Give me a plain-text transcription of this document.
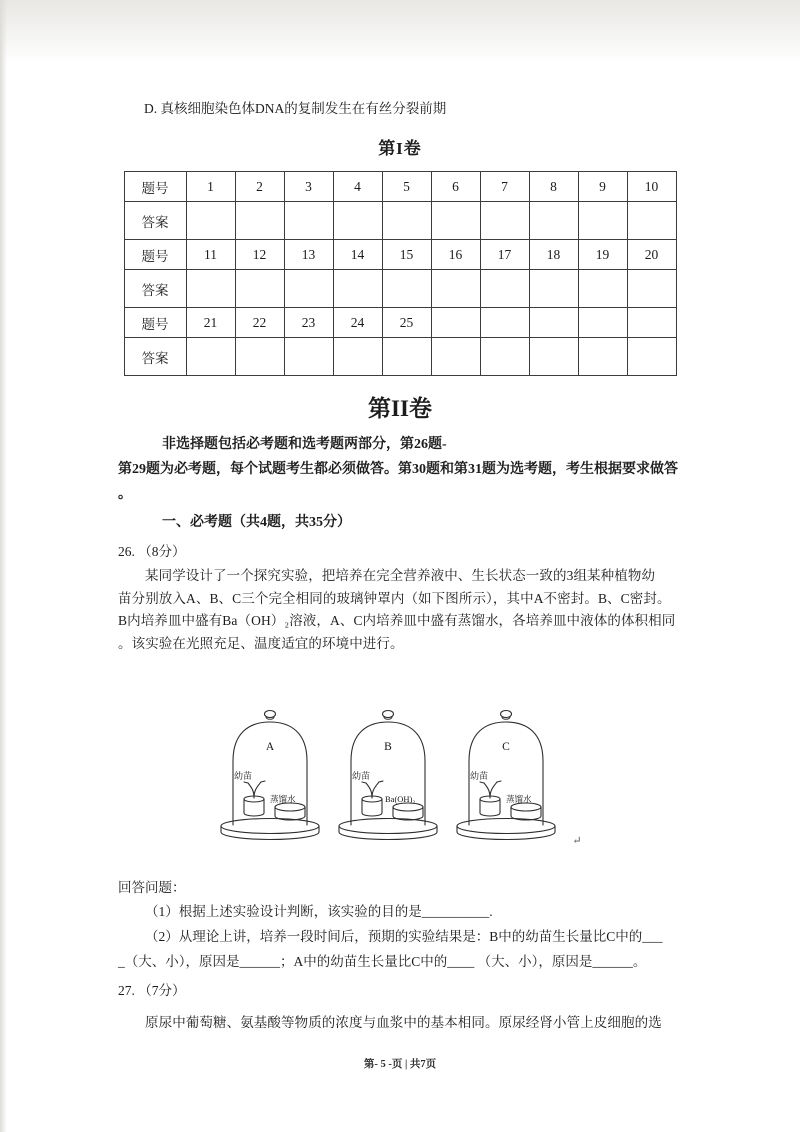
D. 真核细胞染色体DNA的复制发生在有丝分裂前期
第I卷
题号	1	2	3	4	5	6	7	8	9	10
答案										
题号	11	12	13	14	15	16	17	18	19	20
答案										
题号	21	22	23	24	25					
答案										
第II卷
非选择题包括必考题和选考题两部分，第26题-
第29题为必考题，每个试题考生都必须做答。第30题和第31题为选考题，考生根据要求做答
。
一、必考题（共4题，共35分）
26. （8分）
某同学设计了一个探究实验，把培养在完全营养液中、生长状态一致的3组某种植物幼
苗分别放入A、B、C三个完全相同的玻璃钟罩内（如下图所示），其中A不密封。B、C密封。
B内培养皿中盛有Ba（OH）₂溶液，A、C内培养皿中盛有蒸馏水，各培养皿中液体的体积相同
。该实验在光照充足、温度适宜的环境中进行。
A
幼苗
蒸馏水
B
幼苗
Ba(OH)₂
C
幼苗
蒸馏水
↵
回答问题：
（1）根据上述实验设计判断，该实验的目的是__________.
（2）从理论上讲，培养一段时间后，预期的实验结果是：B中的幼苗生长量比C中的___
_（大、小），原因是______；A中的幼苗生长量比C中的____ （大、小），原因是______。
27. （7分）
原尿中葡萄糖、氨基酸等物质的浓度与血浆中的基本相同。原尿经肾小管上皮细胞的选
第- 5 -页 | 共7页
